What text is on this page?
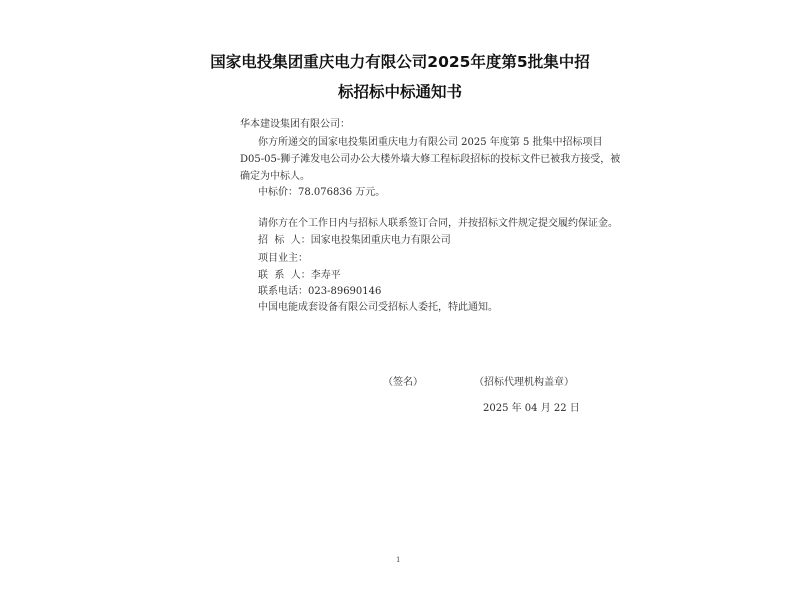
国家电投集团重庆电力有限公司2025年度第5批集中招
标招标中标通知书
华本建设集团有限公司：
你方所递交的国家电投集团重庆电力有限公司 2025 年度第 5 批集中招标项目
D05-05-狮子滩发电公司办公大楼外墙大修工程标段招标的投标文件已被我方接受，被
确定为中标人。
中标价：78.076836 万元。
请你方在个工作日内与招标人联系签订合同，并按招标文件规定提交履约保证金。
招  标  人：国家电投集团重庆电力有限公司
项目业主：
联  系  人：李寿平
联系电话：023-89690146
中国电能成套设备有限公司受招标人委托，特此通知。
（签名）	（招标代理机构盖章）
2025 年 04 月 22 日
1
